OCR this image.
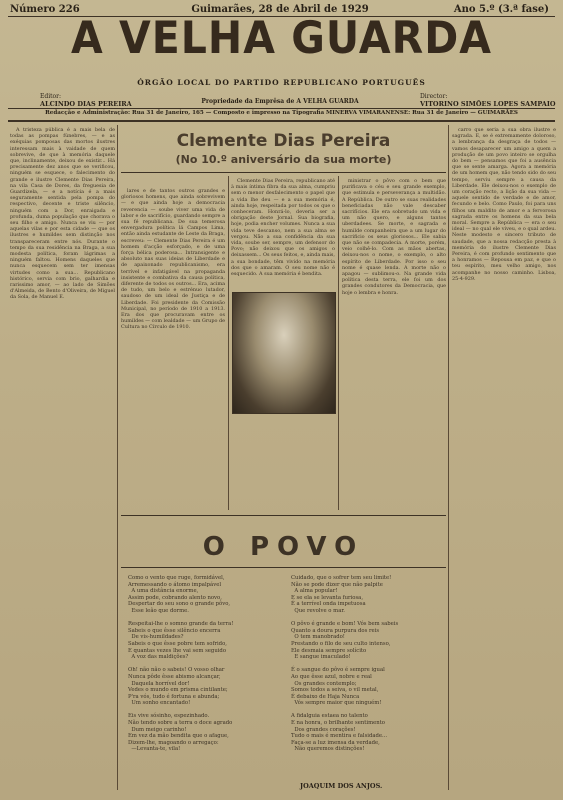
Número 226	Guimarães, 28 de Abril de 1929	Ano 5.º (3.ª fase)
A VELHA GUARDA
ÓRGÃO LOCAL DO PARTIDO REPUBLICANO PORTUGUÊS
Editor:
ALCINDO DIAS PEREIRA	Propriedade da Emprêsa de A VELHA GUARDA
Director:
VITORINO SIMÕES LOPES SAMPAIO
Redacção e Administração: Rua 31 de Janeiro, 165 — Composto e impresso na Tipografia MINERVA VIMARANENSE: Rua 31 de Janeiro — GUIMARÃES

A tristeza pública é a mais bela de todas as pompas fúnebres, — e as exéquias pomposas das mortos ilustres interessam mais à vaidade de quem sobrevive, de que à memória daquele que, inclinamente, deixou de existir... Há precisamente dez anos que se verificou, ninguém se esquece, o falecimento do grande e ilustre Clemente Dias Pereira, na vila Casa de Dores, da freguesia de Guardizela, — e a notícia é a mais seguramente sentida pela pompa do respectivo, decente e triste silêncio, ninguém com a Dor, enraigada e profunda, duma população que chorava o seu filho e amigo. Nunca se viu — por aquelas vilas e por esta cidade — que os ilustres e humildes sem distinção nos transpareceram entre nós. Durante o tempo da sua residência na Braga, a sua modesta política, foram lágrimas a ninguém faltou. Homens daqueles que nunca esquecem sem ter imensas virtudes como a sua... Republicano histórico, servia com brio, galhardia e rarissimo amor, — ao lado de Simões d'Almeida, de Bento d'Oliveira, de Miguel da Sola, de Manuel E.

Clemente Dias Pereira
(No 10.º aniversário da sua morte)

lares e de tantos outros grandes e gloriosos homens, que ainda sobrevivem — e que ainda hoje a democracia reverencia — soube viver uma vida de labor e de sacrifício, guardando sempre a sua fé republicana. De sua temerosa envergadura política lá Campos Lima, então ainda estudante de Leste da Braga, escreveu: — Clemente Dias Pereira é um homem d'acção esforçado, e de uma força bélica poderosa... Intransigente e absoluto nas suas ideias de Liberdade e de apaixonado republicanismo, era terrível e infatigável na propaganda insistente e combativa da causa política, diferente de todos os outros... Era, acima de tudo, um belo e estrénuo lutador, saudoso de um ideal de Justiça e de Liberdade. Foi presidente da Comissão Municipal, no período de 1910 a 1913. Era dos que procuravam entre os humildes — com lealdade — um Grupo de Cultura no Círculo de 1910.

Clemente Dias Pereira, republicano até à mais íntima fibra da sua alma, cumpriu sem o menor desfalecimento o papel que a vida lhe deu — e a sua memória é, ainda hoje, respeitada por todos os que o conheceram. Honrá-lo, deveria ser a obrigação deste Jornal. Sua biografia, hoje, podia encher volumes. Nunca a sua vida teve descanso, nem a sua alma se vergou. Não a sua confidência da sua vida, soube ser, sempre, um defensor do Povo; não deixou que os amigos o deixassem... Os seus feitos, e, ainda mais, a sua bondade, têm vivido na memória dos que o amaram. O seu nome não é esquecido. A sua memória é bendita.

ministrar o pôvo com o bem que purificava o céu e seu grande exemplo, que estimula e perseverança a multidão. A República. De outro se suas realidades beneficiadas não vale descaber sacrifícios. Ele era sobretudo um vida e um não quero, e alguns tantos uberdadees. Se morte, e sagrada e humilde companheira que a um lugar do sacrificio os seus gloriosos... Ele sabia que não se compadecia. A morte, porém, veio colhê-lo. Com as mãos abertas, deixou-nos o nome, o exemplo, o alto espírito de Liberdade. Por isso o seu nome é quase lenda. A morte não o apagou — sublimou-o. Na grande vida política desta terra, ele foi um dos grandes condutores da Democracia, que hoje o lembra e honra.

carro que seria a sua obra ilustre e sagrada. E, se é extremamente doloroso, a lembrança da desgraça de todos — vamos desaparecer um amigo a quem a produção de um povo inteiro se orgulha do bem — pensamos que foi a ausência que se sente amarga. Agora a memória de um homem que, não tendo sido do seu tempo, serviu sempre a causa da Liberdade. Ele deixou-nos o exemplo de um coração recto, a lição da sua vida — aquele sentido de verdade e de amor, fecundo e belo. Como Paulo, foi para uns filhos um maldito de amor e a fervorosa sagrada entre os homens da sua bela moral. Sempre a República — era o seu ideal — no qual ele viveu, e o qual ardeu. Neste modesto e sincero tributo de saudade, que a nossa redacção presta à memória do ilustre Clemente Dias Pereira, é com profundo sentimento que a honramos — Repousa em paz, e que o teu espírito, meu velho amigo, nos acompanhe no nosso caminho. Lisboa, 25-4-929.

O POVO
Como o vento que ruge, formidável,
Arremessando o átomo impalpável
A uma distância enorme,
Assim pode, cobrando alento novo,
Despertar do seu sono o grande pôvo,
Esse leão que dorme.

Respeitai-lhe o somno grande da terra!
Sabeis o que êsse silêncio encerra
De vis-humildades?
Sabeis o que êsse pobre tem sofrido,
E quantas vezes lhe vai sem seguido
A voz das maldições?

Oh! não não o sabeis! O vosso olhar
Nunca pôde êsse abismo alcançar,
Daquela horrível dor!
Vedes o mundo em prisma cintilante;
P'ra vós, tudo é fortuna e abunda;
Um sonho encantado!

Eis vive sósinho, espezinhado.
Não tendo sobre a terra o doce agrado
Dum meigo carinho!
Em vez da mão bendita que o afague,
Dizem-lhe, magoando o arregaço:
—Levanta-te, vila!
Cuidado, que o sofrer tem seu limite!
Não se pode dizer que não palpite
A alma popular!
E se ela se levanta furiosa,
É a terrível onda impetuosa
Que revolve o mar.

O pôvo é grande e bom! Vós bem sabeis
Quanto a doura purpura dos reis
O tem manobrado!
Prestando o filo de seu culto intenso,
Ele desmaia sempre solícito
E sangue imaculado!

É o sangue do pôvo é sempre igual
Ao que êsse azul, nobre e real
Os grandes contemplo;
Somos todos a seiva, o vil metal,
É debaixo de Haja Nunca
Vós sempre maior que ninguém!

A fidalguia estaea no talento
E na honra, o brilhante sentimento
Dos grandes corações!
Tudo o mais é mentira e falsidade...
Faça-se a luz imensa da verdade,
Não queremos distinções!
JOAQUIM DOS ANJOS.
